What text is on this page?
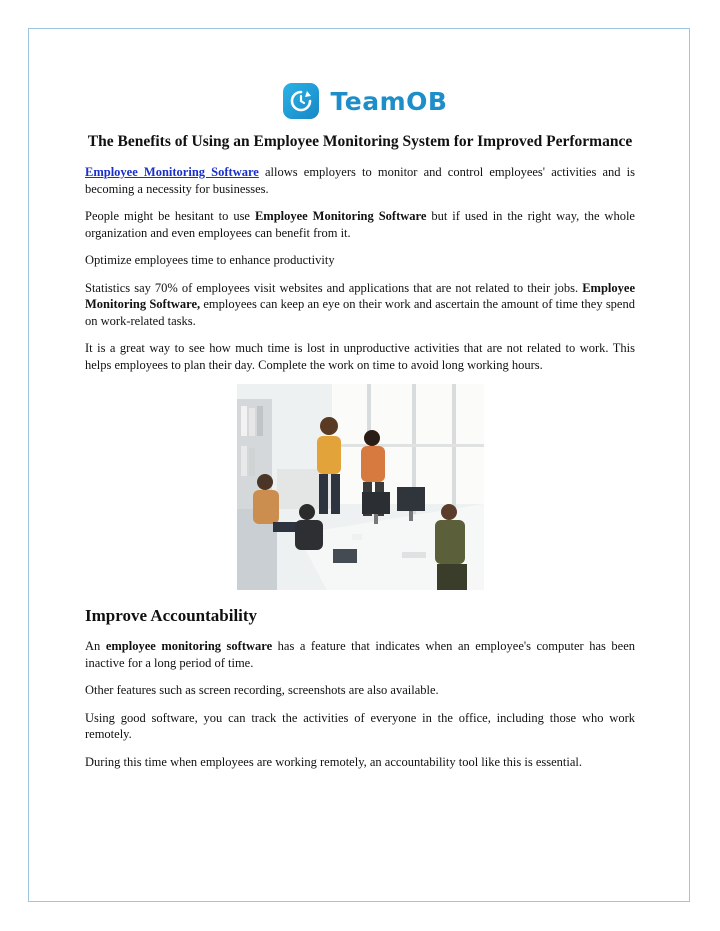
TeamOB
The Benefits of Using an Employee Monitoring System for Improved Performance

Employee Monitoring Software allows employers to monitor and control employees' activities and is becoming a necessity for businesses.

People might be hesitant to use Employee Monitoring Software but if used in the right way, the whole organization and even employees can benefit from it.

Optimize employees time to enhance productivity

Statistics say 70% of employees visit websites and applications that are not related to their jobs. Employee Monitoring Software, employees can keep an eye on their work and ascertain the amount of time they spend on work-related tasks.

It is a great way to see how much time is lost in unproductive activities that are not related to work. This helps employees to plan their day. Complete the work on time to avoid long working hours.

Improve Accountability

An employee monitoring software has a feature that indicates when an employee's computer has been inactive for a long period of time.

Other features such as screen recording, screenshots are also available.

Using good software, you can track the activities of everyone in the office, including those who work remotely.

During this time when employees are working remotely, an accountability tool like this is essential.
